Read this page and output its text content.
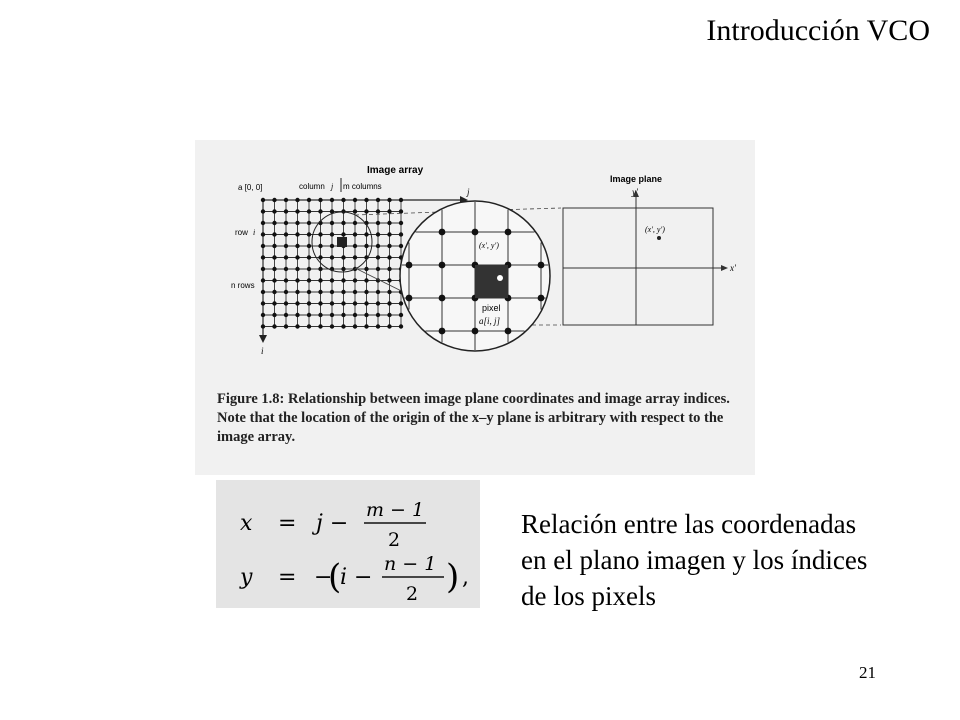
Introducción VCO
Image array
a [0, 0]	column j m columns
j
row i
n rows
i
(x', y')
pixel
a[i, j]
Image plane
y'
x'
(x', y')
Figure 1.8: Relationship between image plane coordinates and image array indices. Note that the location of the origin of the x–y plane is arbitrary with respect to the image array.
x = j −
m − 1
2
y = −
(
i −
n − 1
2 ) ,
Relación entre las coordenadas
en el plano imagen y los índices
de los pixels
21
